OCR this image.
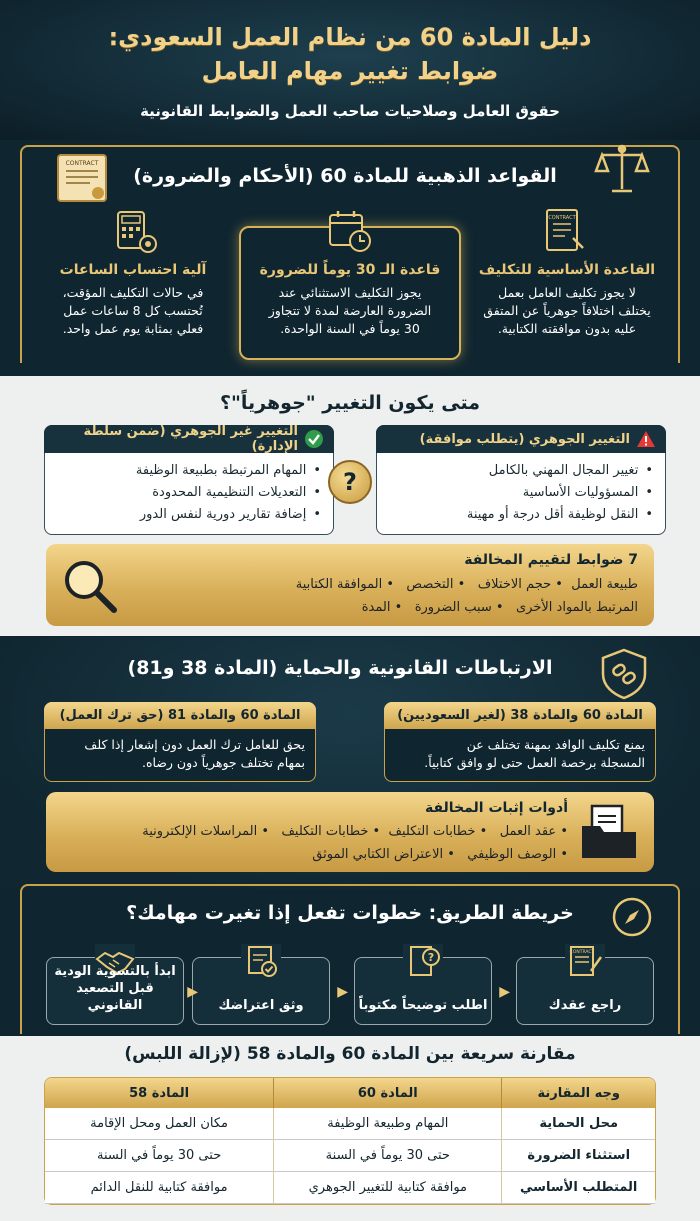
دليل المادة 60 من نظام العمل السعودي:
ضوابط تغيير مهام العامل
حقوق العامل وصلاحيات صاحب العمل والضوابط القانونية
CONTRACT
القواعد الذهبية للمادة 60 (الأحكام والضرورة)
CONTRACT
القاعدة الأساسية للتكليف
لا يجوز تكليف العامل بعمل
يختلف اختلافاً جوهرياً عن المتفق
عليه بدون موافقته الكتابية.
قاعدة الـ 30 يوماً للضرورة
يجوز التكليف الاستثنائي عند
الضرورة العارضة لمدة لا تتجاوز
30 يوماً في السنة الواحدة.
آلية احتساب الساعات
في حالات التكليف المؤقت،
تُحتسب كل 8 ساعات عمل
فعلي بمثابة يوم عمل واحد.
متى يكون التغيير "جوهرياً"؟
التغيير الجوهري (يتطلب موافقة)
• تغيير المجال المهني بالكامل
• المسؤوليات الأساسية
• النقل لوظيفة أقل درجة أو مهينة
التغيير غير الجوهري (ضمن سلطة الإدارة)
• المهام المرتبطة بطبيعة الوظيفة
• التعديلات التنظيمية المحدودة
• إضافة تقارير دورية لنفس الدور
?
7 ضوابط لتقييم المخالفة
طبيعة العمل  • حجم الاختلاف   • التخصص   • الموافقة الكتابية
المرتبط بالمواد الأخرى   • سبب الضرورة   • المدة
الارتباطات القانونية والحماية (المادة 38 و81)
المادة 60 والمادة 38 (لغير السعوديين)
يمنع تكليف الوافد بمهنة تختلف عن
المسجلة برخصة العمل حتى لو وافق كتابياً.
المادة 60 والمادة 81 (حق ترك العمل)
يحق للعامل ترك العمل دون إشعار إذا كلف
بمهام تختلف جوهرياً دون رضاه.
أدوات إثبات المخالفة
• عقد العمل   • خطابات التكليف  • خطابات التكليف   • المراسلات الإلكترونية
• الوصف الوظيفي   • الاعتراض الكتابي الموثق
خريطة الطريق: خطوات تفعل إذا تغيرت مهامك؟
CONTRACT
راجع عقدك
?
اطلب توضيحاً مكتوباً
وثق اعتراضك
ابدأ بالتسوية الودية
قبل التصعيد القانوني
▶
▶
▶
مقارنة سريعة بين المادة 60 والمادة 58 (لإزالة اللبس)
وجه المقارنة	المادة 60	المادة 58
محل الحماية	المهام وطبيعة الوظيفة	مكان العمل ومحل الإقامة
استثناء الضرورة	حتى 30 يوماً في السنة	حتى 30 يوماً في السنة
المتطلب الأساسي	موافقة كتابية للتغيير الجوهري	موافقة كتابية للنقل الدائم
